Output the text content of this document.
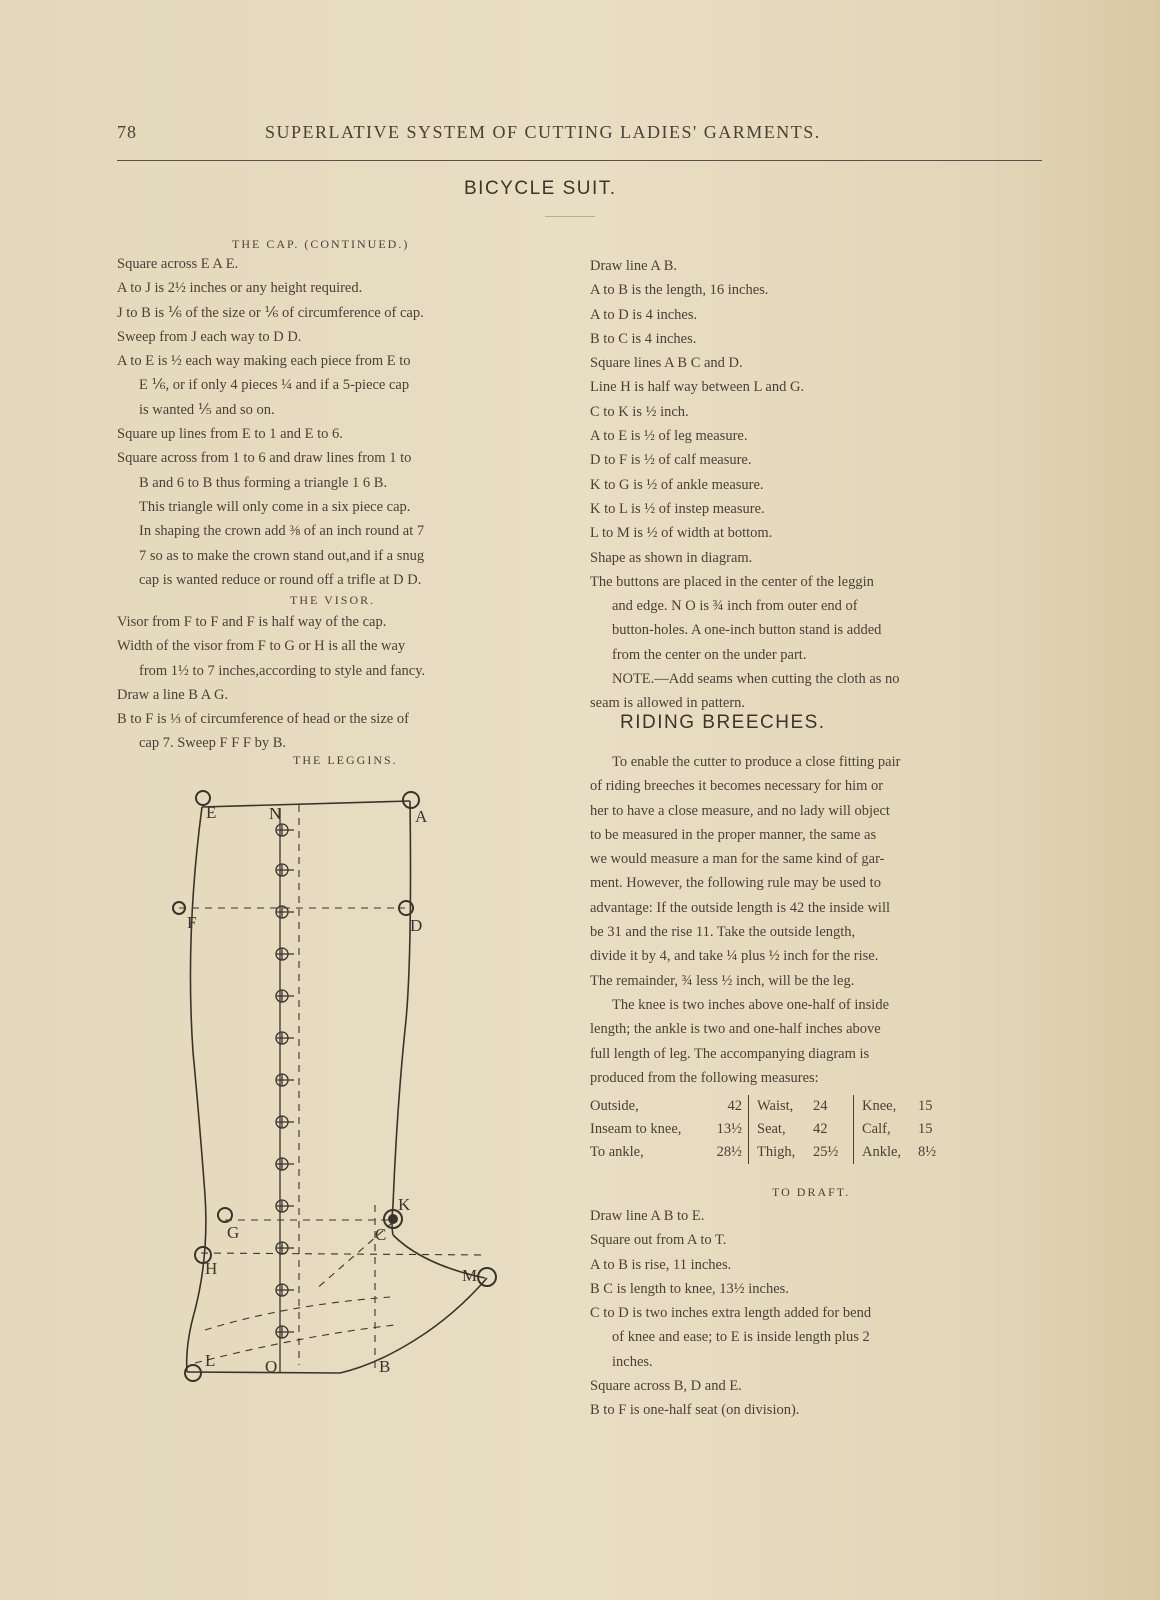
78	SUPERLATIVE SYSTEM OF CUTTING LADIES' GARMENTS.
BICYCLE SUIT.
THE CAP. (CONTINUED.)
Square across E A E.
A to J is 2½ inches or any height required.
J to B is ⅙ of the size or ⅙ of circumference of cap.
Sweep from J each way to D D.
A to E is ½ each way making each piece from E to
E ⅙, or if only 4 pieces ¼ and if a 5-piece cap
is wanted ⅕ and so on.
Square up lines from E to 1 and E to 6.
Square across from 1 to 6 and draw lines from 1 to
B and 6 to B thus forming a triangle 1 6 B.
This triangle will only come in a six piece cap.
In shaping the crown add ⅜ of an inch round at 7
7 so as to make the crown stand out,and if a snug
cap is wanted reduce or round off a trifle at D D.
THE VISOR.
Visor from F to F and F is half way of the cap.
Width of the visor from F to G or H is all the way
from 1½ to 7 inches,according to style and fancy.
Draw a line B A G.
B to F is ⅓ of circumference of head or the size of
cap 7. Sweep F F F by B.
THE LEGGINS.
E	N	A
F	D
G
K
C
H	M
L	O	B
Draw line A B.
A to B is the length, 16 inches.
A to D is 4 inches.
B to C is 4 inches.
Square lines A B C and D.
Line H is half way between L and G.
C to K is ½ inch.
A to E is ½ of leg measure.
D to F is ½ of calf measure.
K to G is ½ of ankle measure.
K to L is ½ of instep measure.
L to M is ½ of width at bottom.
Shape as shown in diagram.
The buttons are placed in the center of the leggin
and edge. N O is ¾ inch from outer end of
button-holes. A one-inch button stand is added
from the center on the under part.
NOTE.—Add seams when cutting the cloth as no
seam is allowed in pattern.
RIDING BREECHES.
To enable the cutter to produce a close fitting pair
of riding breeches it becomes necessary for him or
her to have a close measure, and no lady will object
to be measured in the proper manner, the same as
we would measure a man for the same kind of gar-
ment. However, the following rule may be used to
advantage: If the outside length is 42 the inside will
be 31 and the rise 11. Take the outside length,
divide it by 4, and take ¼ plus ½ inch for the rise.
The remainder, ¾ less ½ inch, will be the leg.
The knee is two inches above one-half of inside
length; the ankle is two and one-half inches above
full length of leg. The accompanying diagram is
produced from the following measures:
Outside,	42	Waist,	24	Knee,	15
Inseam to knee,	13½	Seat,	42	Calf,	15
To ankle,	28½	Thigh,	25½	Ankle,	8½
TO DRAFT.
Draw line A B to E.
Square out from A to T.
A to B is rise, 11 inches.
B C is length to knee, 13½ inches.
C to D is two inches extra length added for bend
of knee and ease; to E is inside length plus 2
inches.
Square across B, D and E.
B to F is one-half seat (on division).
